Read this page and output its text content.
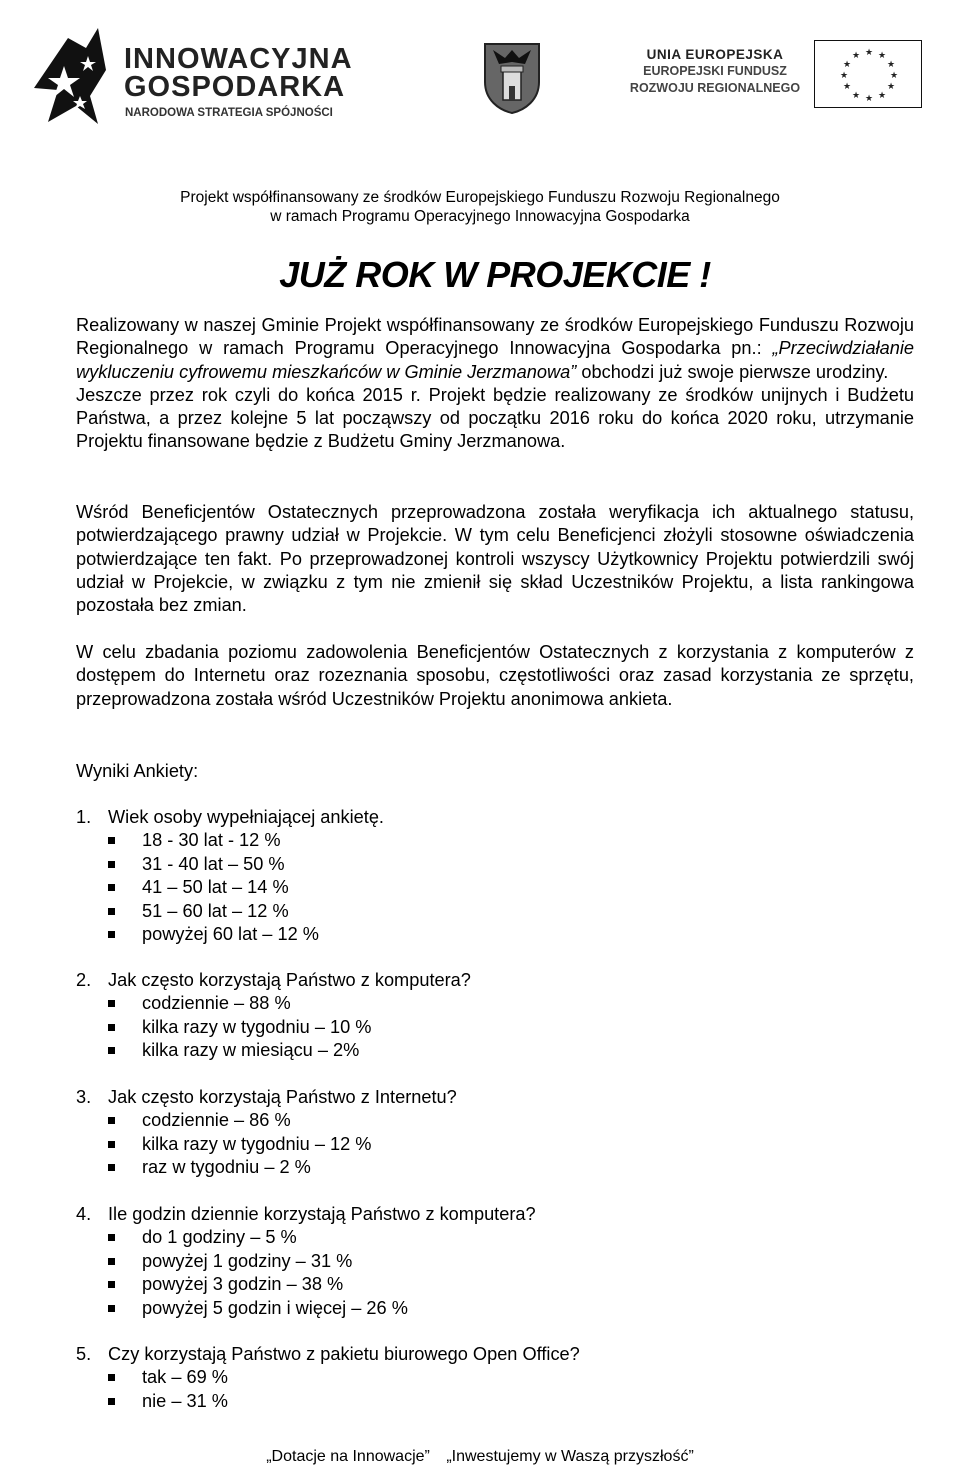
INNOWACYJNA
GOSPODARKA
NARODOWA STRATEGIA SPÓJNOŚCI
UNIA EUROPEJSKA
EUROPEJSKI FUNDUSZ
ROZWOJU REGIONALNEGO
★ ★
★
★
★
★
★
★
★
★
★
★
Projekt współfinansowany ze środków Europejskiego Funduszu Rozwoju Regionalnego
w ramach Programu Operacyjnego Innowacyjna Gospodarka
JUŻ ROK W PROJEKCIE !

Realizowany w naszej Gminie Projekt współfinansowany ze środków Europejskiego Funduszu Rozwoju Regionalnego w ramach Programu Operacyjnego Innowacyjna Gospodarka pn.: „Przeciwdziałanie wykluczeniu cyfrowemu mieszkańców w Gminie Jerzmanowa” obchodzi już swoje pierwsze urodziny.
Jeszcze przez rok czyli do końca 2015 r. Projekt będzie realizowany ze środków unijnych i Budżetu Państwa, a przez kolejne 5 lat począwszy od początku 2016 roku do końca 2020 roku, utrzymanie Projektu finansowane będzie z Budżetu Gminy Jerzmanowa.

Wśród Beneficjentów Ostatecznych przeprowadzona została weryfikacja ich aktualnego statusu, potwierdzającego prawny udział w Projekcie. W tym celu Beneficjenci złożyli stosowne oświadczenia potwierdzające ten fakt. Po przeprowadzonej kontroli wszyscy Użytkownicy Projektu potwierdzili swój udział w Projekcie, w związku z tym nie zmienił się skład Uczestników Projektu, a lista rankingowa pozostała bez zmian.

W celu zbadania poziomu zadowolenia Beneficjentów Ostatecznych z korzystania z komputerów z dostępem do Internetu oraz rozeznania sposobu, częstotliwości oraz zasad korzystania ze sprzętu, przeprowadzona została wśród Uczestników Projektu anonimowa ankieta.

Wyniki Ankiety:
1. Wiek osoby wypełniającej ankietę.
18 - 30 lat - 12 %
31 - 40 lat – 50 %
41 – 50 lat – 14 %
51 – 60 lat – 12 %
powyżej 60 lat – 12 %
2. Jak często korzystają Państwo z komputera?
codziennie – 88 %
kilka razy w tygodniu – 10 %
kilka razy w miesiącu – 2%
3. Jak często korzystają Państwo z Internetu?
codziennie – 86 %
kilka razy w tygodniu – 12 %
raz w tygodniu – 2 %
4. Ile godzin dziennie korzystają Państwo z komputera?
do 1 godziny – 5 %
powyżej 1 godziny – 31 %
powyżej 3 godzin – 38 %
powyżej 5 godzin i więcej – 26 %
5. Czy korzystają Państwo z pakietu biurowego Open Office?
tak – 69 %
nie – 31 %
„Dotacje na Innowacje” „Inwestujemy w Waszą przyszłość”
